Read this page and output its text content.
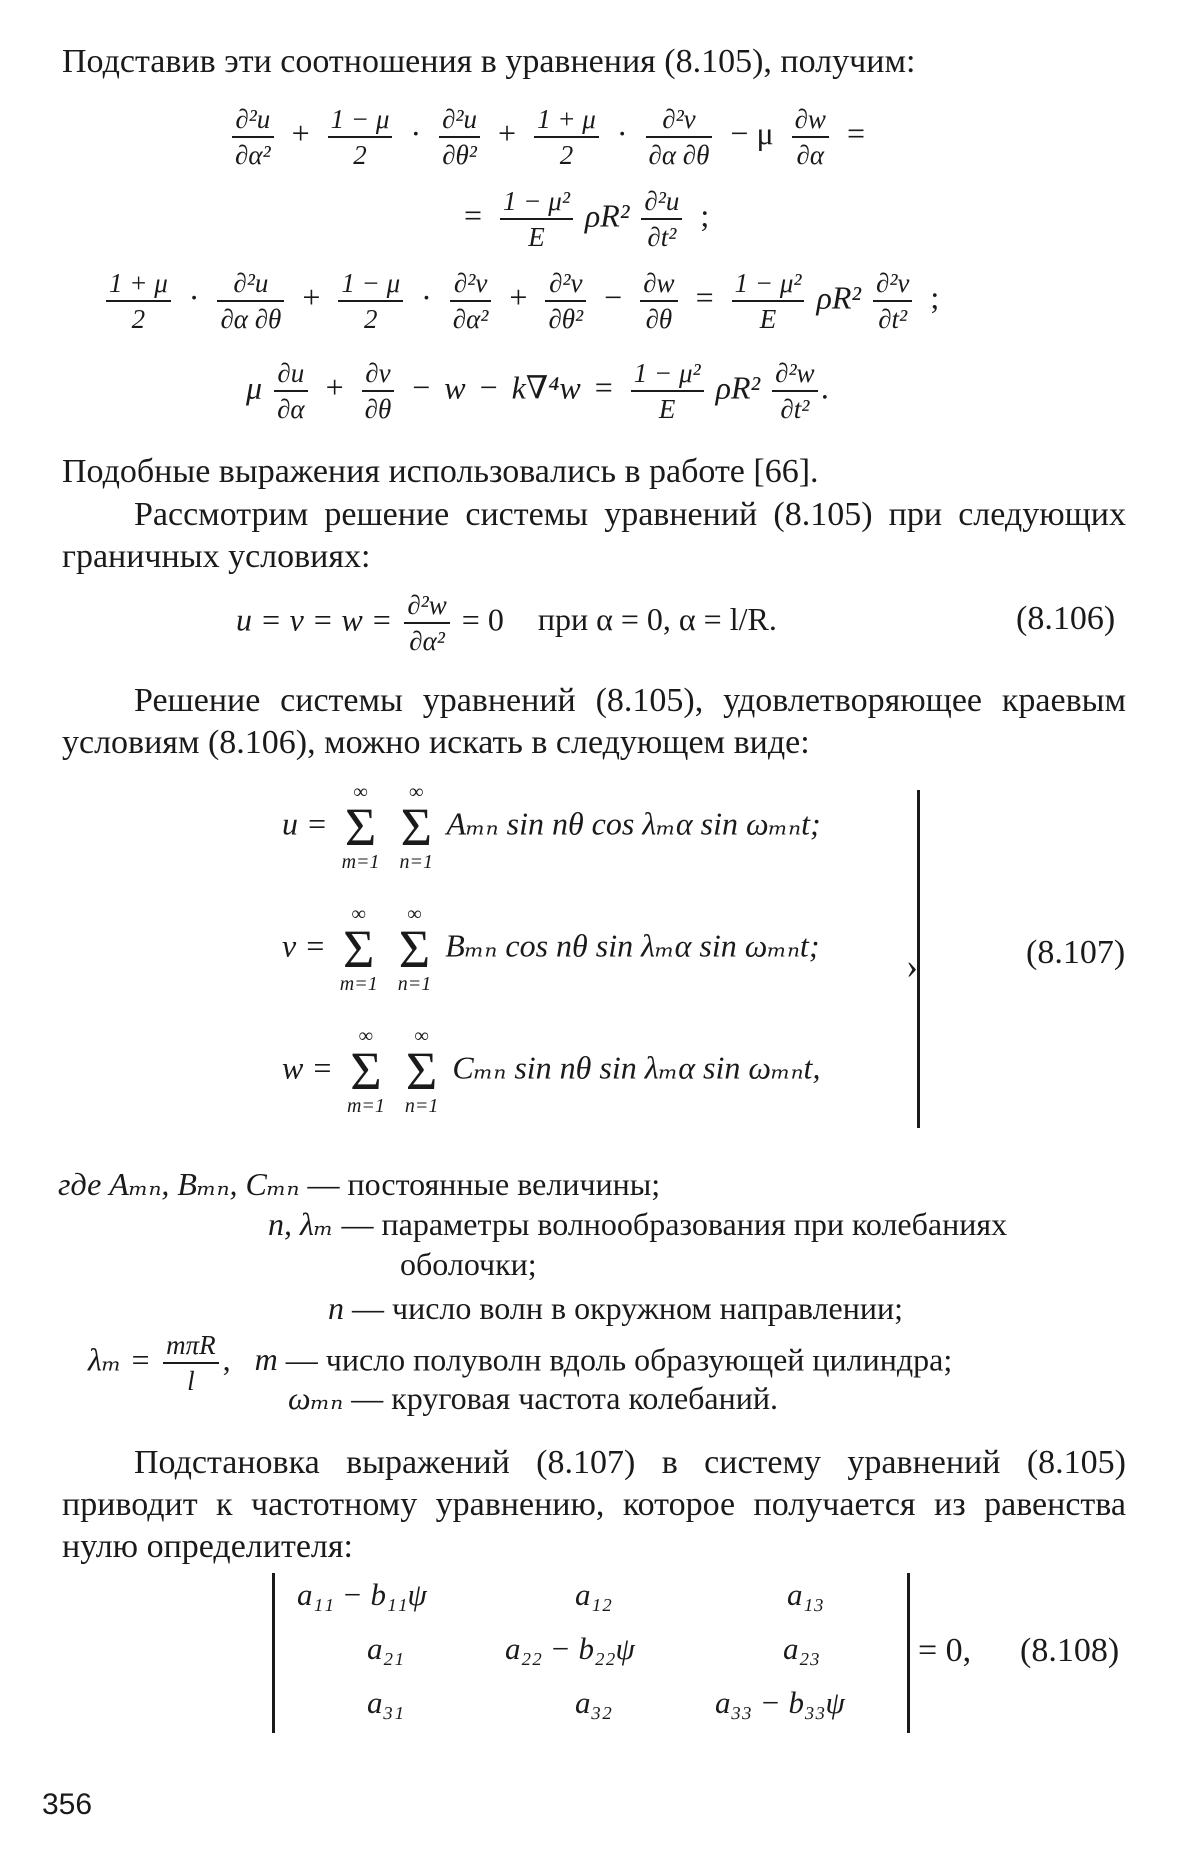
Подставив эти соотношения в уравнения (8.105), получим:
$\frac{\text{∂²u}}{\text{∂α²}} + \frac{1 - \mu}{2} \cdot \frac{\text{∂²u}}{\text{∂θ²}} + \frac{1 + \mu}{2} \cdot \frac{\text{∂²v}}{\partial\alpha \partial\theta} - \mu \frac{\partial w}{\partial\alpha}$ =
= $\frac{\text{1 − μ²}}{E} \rho R^2 \frac{\text{∂²u}}{\text{∂t²}}$ ;
$\frac{1 + \mu}{2} \cdot \frac{\text{∂²u}}{\partial\alpha \partial\theta} + \frac{1 - \mu}{2} \cdot \frac{\text{∂²v}}{\text{∂α²}} + \frac{\text{∂²v}}{\text{∂θ²}} - \frac{\partial w}{\partial\theta} = \frac{\text{1 − μ²}}{E} \rho R^2 \frac{\text{∂²v}}{\text{∂t²}}$ ;
μ $\frac{\partial u}{\partial\alpha} + \frac{\partial v}{\partial\theta} - w - k\nabla^4w = \frac{\text{1 − μ²}}{E} \rho R^2 \frac{\text{∂²w}}{\text{∂t²}}$ .
Подобные выражения использовались в работе [66].

Рассмотрим решение системы уравнений (8.105) при следующих граничных условиях:

$u = v = w = \frac{\text{∂²w}}{\text{∂α²}} = 0$ при α = 0, α = l/R.	(8.106)

Решение системы уравнений (8.105), удовлетворяющее краевым условиям (8.106), можно искать в следующем виде:

u =
∞
Σ
m=1

∞
Σ
n=1
Aₘₙ sin nθ cos λₘα sin ωₘₙt;
v =
∞
Σ
m=1

∞
Σ
n=1
Bₘₙ cos nθ sin λₘα sin ωₘₙt;
w =
∞
Σ
m=1

∞
Σ
n=1
Cₘₙ sin nθ sin λₘα sin ωₘₙt,
›	(8.107)
где Aₘₙ, Bₘₙ, Cₘₙ — постоянные величины;
n, λₘ — параметры волнообразования при колебаниях
оболочки;
n — число волн в окружном направлении;
$\lambda_m = \frac{\text{mπR}}{l}$ , m — число полуволн вдоль образующей цилиндра;
ωₘₙ — круговая частота колебаний.

Подстановка выражений (8.107) в систему уравнений (8.105) приводит к частотному уравнению, которое получается из равенства нулю определителя:

a₁₁ − b₁₁ψ	a₁₂	a₁₃
a₂₁	a₂₂ − b₂₂ψ	a₂₃
a₃₁	a₃₂	a₃₃ − b₃₃ψ
= 0, (8.108)
356
